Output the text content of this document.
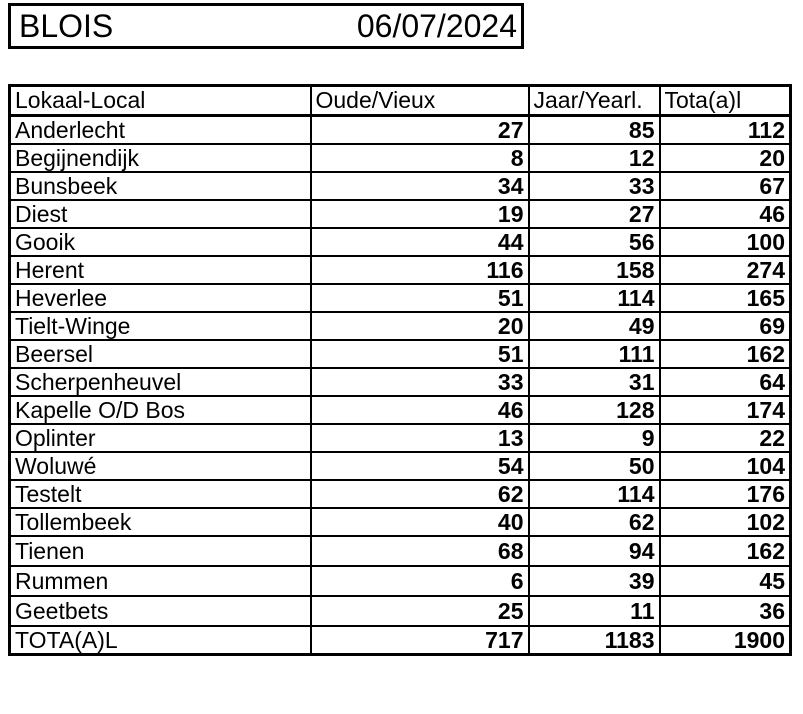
BLOIS	06/07/2024
Lokaal-Local	Oude/Vieux	Jaar/Yearl.	Tota(a)l
Anderlecht	27	85	112
Begijnendijk	8	12	20
Bunsbeek	34	33	67
Diest	19	27	46
Gooik	44	56	100
Herent	116	158	274
Heverlee	51	114	165
Tielt-Winge	20	49	69
Beersel	51	111	162
Scherpenheuvel	33	31	64
Kapelle O/D Bos	46	128	174
Oplinter	13	9	22
Woluwé	54	50	104
Testelt	62	114	176
Tollembeek	40	62	102
Tienen	68	94	162
Rummen	6	39	45
Geetbets	25	11	36
TOTA(A)L	717	1183	1900
